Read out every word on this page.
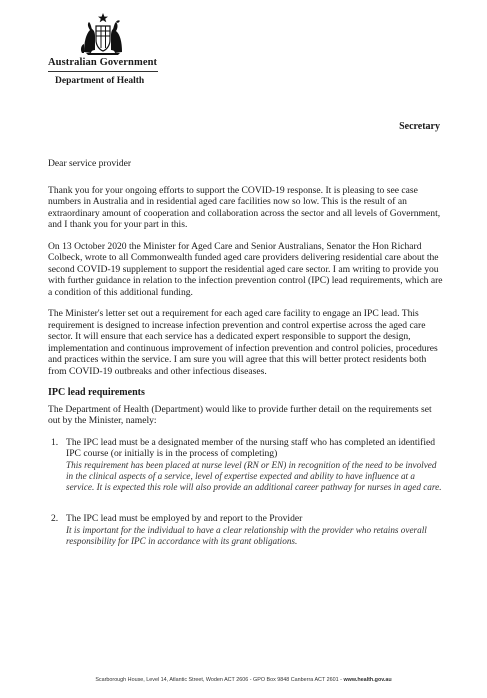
Australian Government
Department of Health
Secretary

Dear service provider

Thank you for your ongoing efforts to support the COVID-19 response. It is pleasing to see case numbers in Australia and in residential aged care facilities now so low. This is the result of an extraordinary amount of cooperation and collaboration across the sector and all levels of Government, and I thank you for your part in this.

On 13 October 2020 the Minister for Aged Care and Senior Australians, Senator the Hon Richard Colbeck, wrote to all Commonwealth funded aged care providers delivering residential care about the second COVID-19 supplement to support the residential aged care sector. I am writing to provide you with further guidance in relation to the infection prevention control (IPC) lead requirements, which are a condition of this additional funding.

The Minister's letter set out a requirement for each aged care facility to engage an IPC lead. This requirement is designed to increase infection prevention and control expertise across the aged care sector. It will ensure that each service has a dedicated expert responsible to support the design, implementation and continuous improvement of infection prevention and control policies, procedures and practices within the service. I am sure you will agree that this will better protect residents both from COVID-19 outbreaks and other infectious diseases.

IPC lead requirements

The Department of Health (Department) would like to provide further detail on the requirements set out by the Minister, namely:

1. The IPC lead must be a designated member of the nursing staff who has completed an identified IPC course (or initially is in the process of completing)
This requirement has been placed at nurse level (RN or EN) in recognition of the need to be involved in the clinical aspects of a service, level of expertise expected and ability to have influence at a service. It is expected this role will also provide an additional career pathway for nurses in aged care.
2. The IPC lead must be employed by and report to the Provider
It is important for the individual to have a clear relationship with the provider who retains overall responsibility for IPC in accordance with its grant obligations.
Scarborough House, Level 14, Atlantic Street, Woden ACT 2606 - GPO Box 9848 Canberra ACT 2601 - www.health.gov.au
